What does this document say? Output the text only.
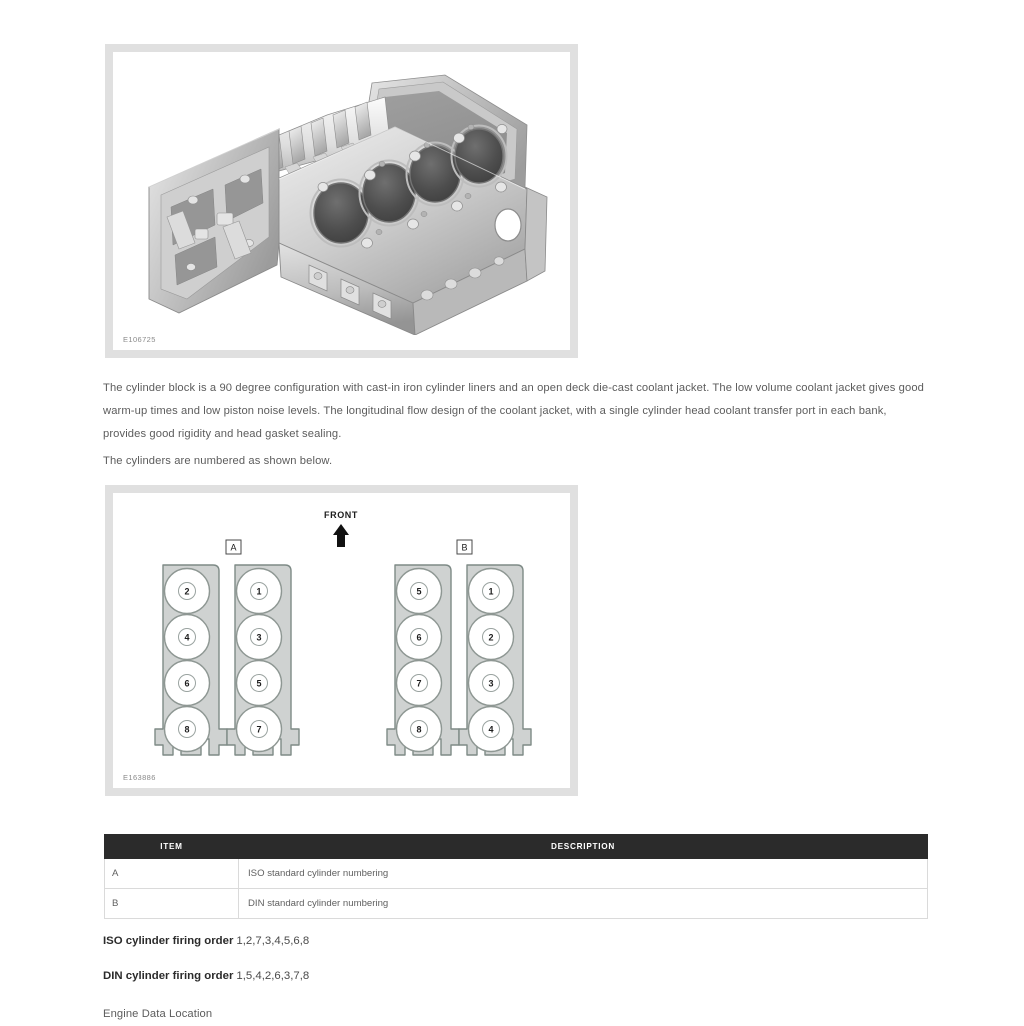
E106725
The cylinder block is a 90 degree configuration with cast-in iron cylinder liners and an open deck die-cast coolant jacket. The low volume coolant jacket gives good warm-up times and low piston noise levels. The longitudinal flow design of the coolant jacket, with a single cylinder head coolant transfer port in each bank, provides good rigidity and head gasket sealing.
The cylinders are numbered as shown below.
FRONT
A	B
2
4
6
8
1
3
5
7
5
6
7
8
1
2
3
4
E163886
ITEM	DESCRIPTION
A	ISO standard cylinder numbering
B	DIN standard cylinder numbering
ISO cylinder firing order 1,2,7,3,4,5,6,8
DIN cylinder firing order 1,5,4,2,6,3,7,8
Engine Data Location
